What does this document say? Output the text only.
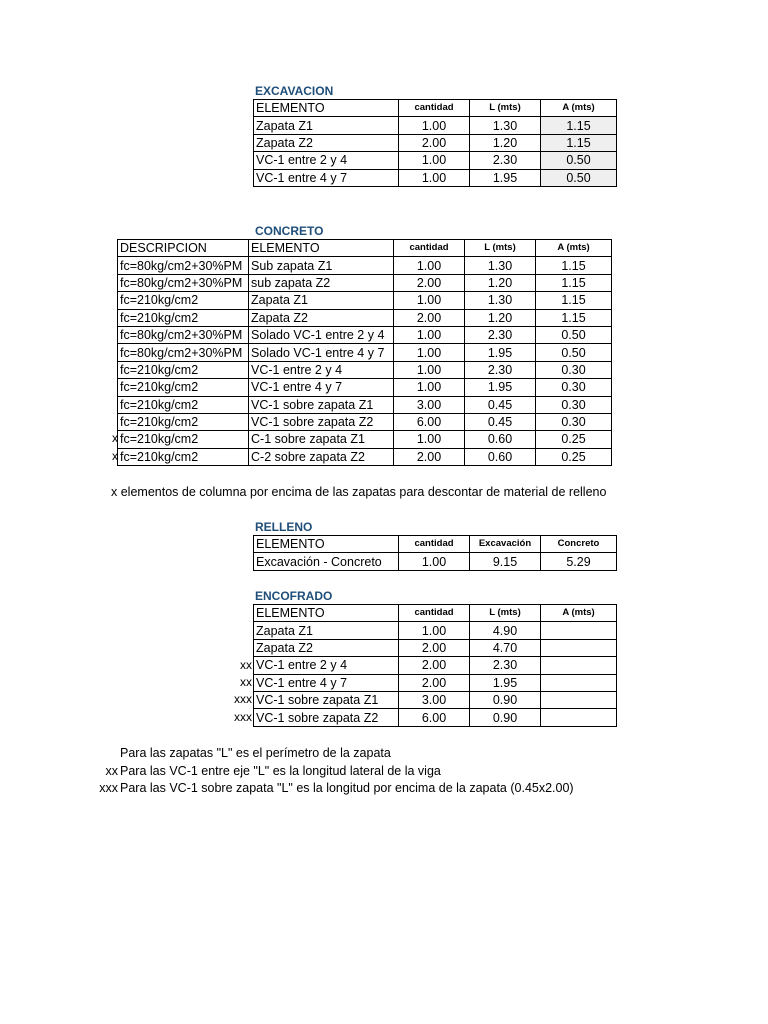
EXCAVACION
ELEMENTO	cantidad	L (mts)	A (mts)
Zapata Z1	1.00	1.30	1.15
Zapata Z2	2.00	1.20	1.15
VC-1 entre 2 y 4	1.00	2.30	0.50
VC-1 entre 4 y 7	1.00	1.95	0.50
CONCRETO
DESCRIPCION	ELEMENTO	cantidad	L (mts)	A (mts)
fc=80kg/cm2+30%PM	Sub zapata Z1	1.00	1.30	1.15
fc=80kg/cm2+30%PM	sub zapata Z2	2.00	1.20	1.15
fc=210kg/cm2	Zapata Z1	1.00	1.30	1.15
fc=210kg/cm2	Zapata Z2	2.00	1.20	1.15
fc=80kg/cm2+30%PM	Solado VC-1 entre 2 y 4	1.00	2.30	0.50
fc=80kg/cm2+30%PM	Solado VC-1 entre 4 y 7	1.00	1.95	0.50
fc=210kg/cm2	VC-1 entre 2 y 4	1.00	2.30	0.30
fc=210kg/cm2	VC-1 entre 4 y 7	1.00	1.95	0.30
fc=210kg/cm2	VC-1 sobre zapata Z1	3.00	0.45	0.30
fc=210kg/cm2	VC-1 sobre zapata Z2	6.00	0.45	0.30
fc=210kg/cm2	C-1 sobre zapata Z1	1.00	0.60	0.25
fc=210kg/cm2	C-2 sobre zapata Z2	2.00	0.60	0.25
x
x
x elementos de columna por encima de las zapatas para descontar de material de relleno
RELLENO
ELEMENTO	cantidad	Excavación	Concreto
Excavación - Concreto	1.00	9.15	5.29
ENCOFRADO
ELEMENTO	cantidad	L (mts)	A (mts)
Zapata Z1	1.00	4.90	
Zapata Z2	2.00	4.70	
VC-1 entre 2 y 4	2.00	2.30	
VC-1 entre 4 y 7	2.00	1.95	
VC-1 sobre zapata Z1	3.00	0.90	
VC-1 sobre zapata Z2	6.00	0.90	
xx
xx
xxx
xxx
Para las zapatas "L" es el perímetro de la zapata
xx Para las VC-1 entre eje "L" es la longitud lateral de la viga
xxx Para las VC-1 sobre zapata "L" es la longitud por encima de la zapata (0.45x2.00)
